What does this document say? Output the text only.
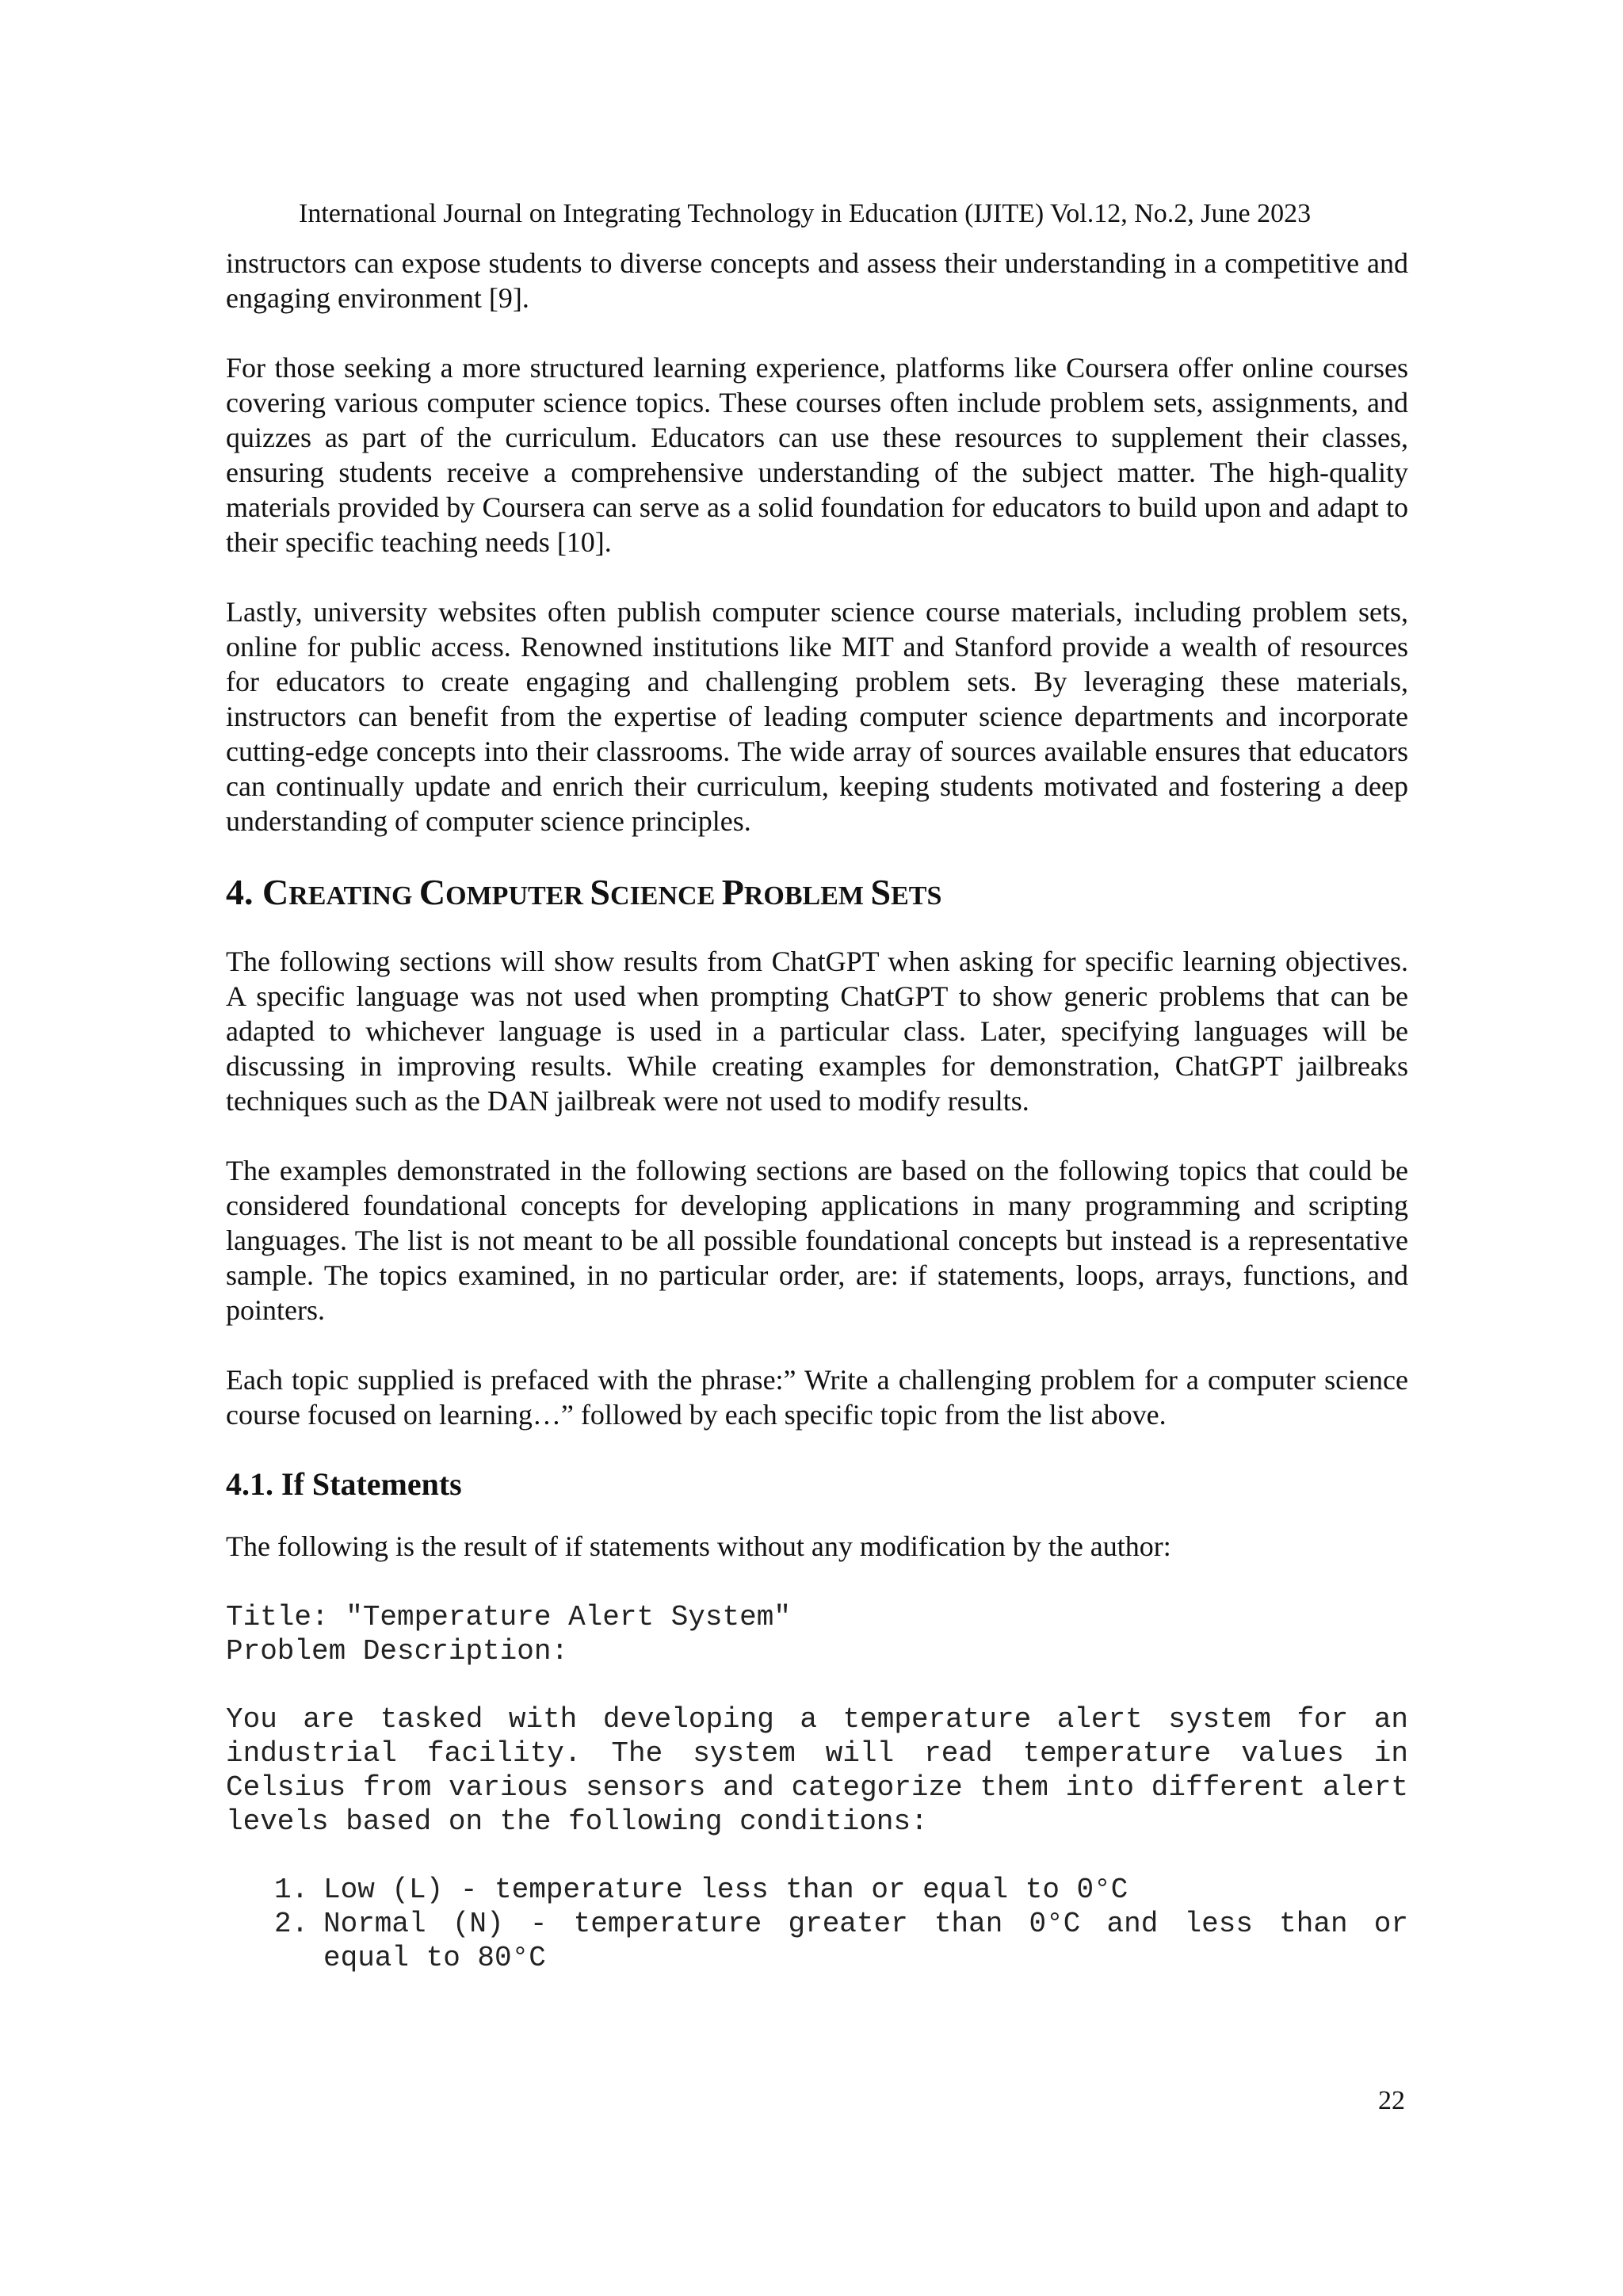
International Journal on Integrating Technology in Education (IJITE) Vol.12, No.2, June 2023

instructors can expose students to diverse concepts and assess their understanding in a competitive and engaging environment [9].

For those seeking a more structured learning experience, platforms like Coursera offer online courses covering various computer science topics. These courses often include problem sets, assignments, and quizzes as part of the curriculum. Educators can use these resources to supplement their classes, ensuring students receive a comprehensive understanding of the subject matter. The high-quality materials provided by Coursera can serve as a solid foundation for educators to build upon and adapt to their specific teaching needs [10].

Lastly, university websites often publish computer science course materials, including problem sets, online for public access. Renowned institutions like MIT and Stanford provide a wealth of resources for educators to create engaging and challenging problem sets. By leveraging these materials, instructors can benefit from the expertise of leading computer science departments and incorporate cutting-edge concepts into their classrooms. The wide array of sources available ensures that educators can continually update and enrich their curriculum, keeping students motivated and fostering a deep understanding of computer science principles.

4. CREATING COMPUTER SCIENCE PROBLEM SETS

The following sections will show results from ChatGPT when asking for specific learning objectives. A specific language was not used when prompting ChatGPT to show generic problems that can be adapted to whichever language is used in a particular class. Later, specifying languages will be discussing in improving results. While creating examples for demonstration, ChatGPT jailbreaks techniques such as the DAN jailbreak were not used to modify results.

The examples demonstrated in the following sections are based on the following topics that could be considered foundational concepts for developing applications in many programming and scripting languages. The list is not meant to be all possible foundational concepts but instead is a representative sample. The topics examined, in no particular order, are: if statements, loops, arrays, functions, and pointers.

Each topic supplied is prefaced with the phrase:” Write a challenging problem for a computer science course focused on learning…” followed by each specific topic from the list above.

4.1. If Statements

The following is the result of if statements without any modification by the author:

Title: "Temperature Alert System"

Problem Description:

You are tasked with developing a temperature alert system for an industrial facility. The system will read temperature values in Celsius from various sensors and categorize them into different alert levels based on the following conditions:

1. Low (L) - temperature less than or equal to 0°C
2. Normal (N) - temperature greater than 0°C and less than or equal to 80°C
22
